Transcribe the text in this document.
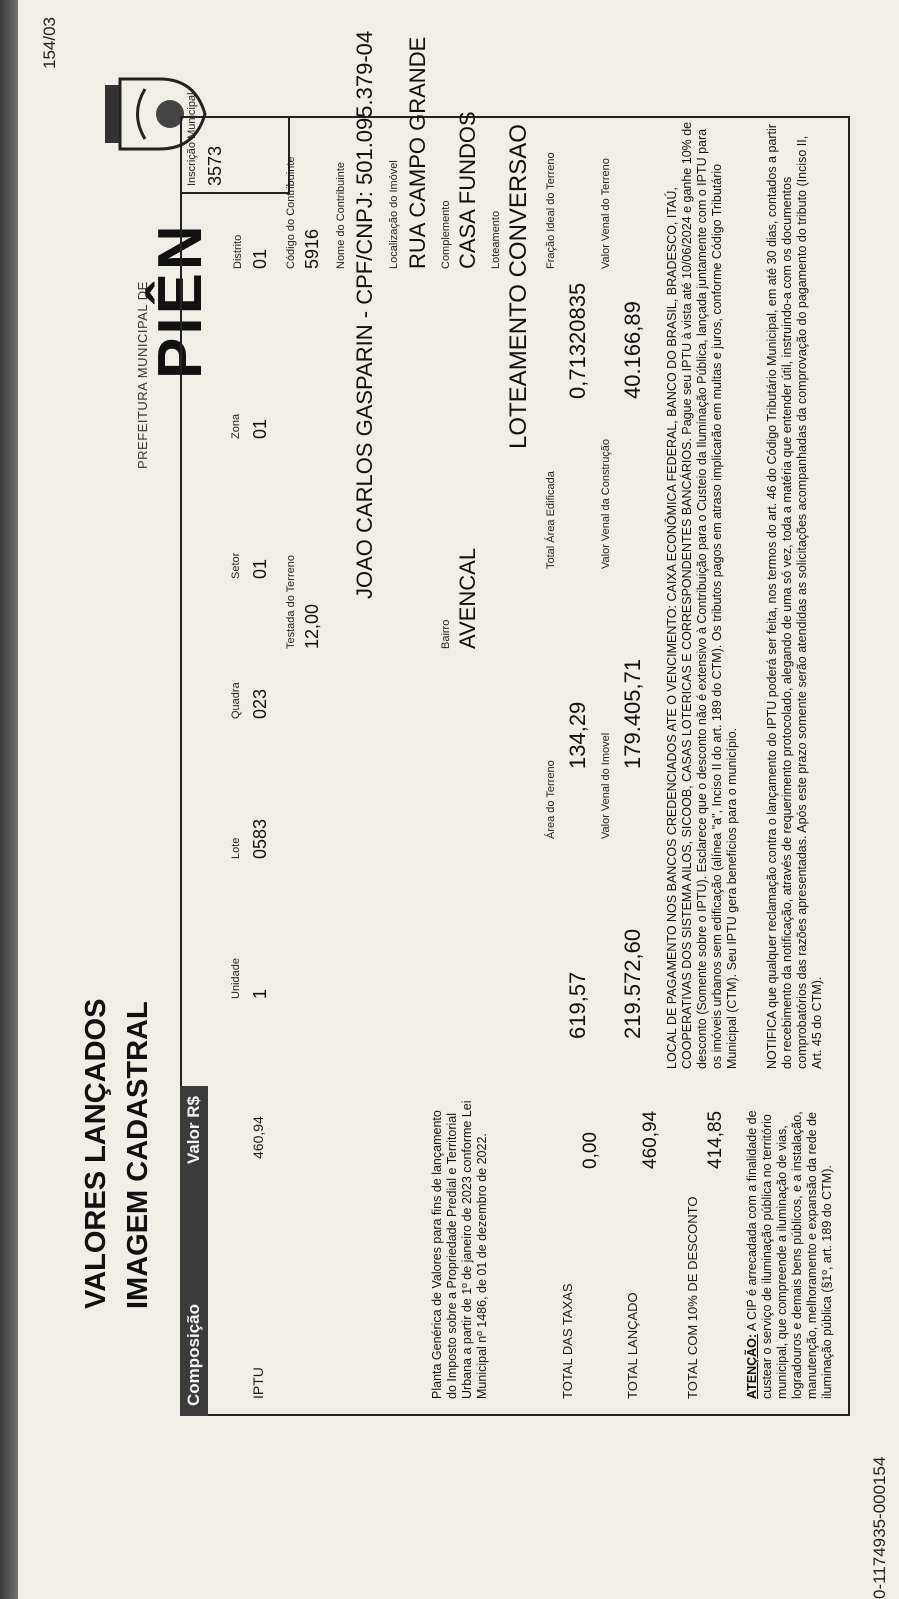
0-1174935-000154
154/03
PREFEITURA MUNICIPAL DE
PIÊN
VALORES LANÇADOS IMAGEM CADASTRAL
Inscrição Municipal 3573
Distrito 01
Zona 01
Setor 01
Quadra 023
Lote 0583
Unidade 1
Código do Contribuinte 5916
Testada do Terreno 12,00
Nome do Contribuinte JOAO CARLOS GASPARIN - CPF/CNPJ: 501.095.379-04 Localização do Imóvel RUA CAMPO GRANDE Complemento CASA FUNDOS
Bairro AVENCAL
Loteamento LOTEAMENTO CONVERSAO Fração Ideal do Terreno
0,71320835
Total Área Edificada
134,29
Área do Terreno
619,57
Valor Venal do Terreno
40.166,89
Valor Venal da Construção
179.405,71
Valor Venal do Imovel
219.572,60
Composição
Valor R$
IPTU
460,94	Planta Genérica de Valores para fins de lançamento do Imposto sobre a Propriedade Predial e Territorial Urbana a partir de 1º de janeiro de 2023 conforme Lei Municipal nº 1486, de 01 de dezembro de 2022.	TOTAL DAS TAXAS
0,00
TOTAL LANÇADO
460,94
TOTAL COM 10% DE DESCONTO
414,85
LOCAL DE PAGAMENTO NOS BANCOS CREDENCIADOS ATE O VENCIMENTO: CAIXA ECONÔMICA FEDERAL, BANCO DO BRASIL, BRADESCO, ITAÚ, COOPERATIVAS DOS SISTEMA AILOS, SICOOB, CASAS LOTERICAS E CORRESPONDENTES BANCÁRIOS. Pague seu IPTU à vista até 10/06/2024 e ganhe 10% de desconto (Somente sobre o IPTU). Esclarece que o desconto não é extensivo à Contribuição para o Custeio da Iluminação Pública, lançada juntamente com o IPTU para os imóveis urbanos sem edificação (alínea "a", Inciso II do art. 189 do CTM). Os tributos pagos em atraso implicarão em multas e juros, conforme Código Tributário Municipal (CTM). Seu IPTU gera benefícios para o município. NOTIFICA que qualquer reclamação contra o lançamento do IPTU poderá ser feita, nos termos do art. 46 do Código Tributário Municipal, em até 30 dias, contados a partir do recebimento da notificação, através de requerimento protocolado, alegando de uma só vez, toda a matéria que entender útil, instruindo-a com os documentos comprobatórios das razões apresentadas. Após este prazo somente serão atendidas as solicitações acompanhadas da comprovação do pagamento do tributo (Inciso II, Art. 45 do CTM).
ATENÇÃO: A CIP é arrecadada com a finalidade de custear o serviço de iluminação pública no território municipal, que compreende a iluminação de vias, logradouros e demais bens públicos, e a instalação, manutenção, melhoramento e expansão da rede de iluminação pública (§1º, art. 189 do CTM).
